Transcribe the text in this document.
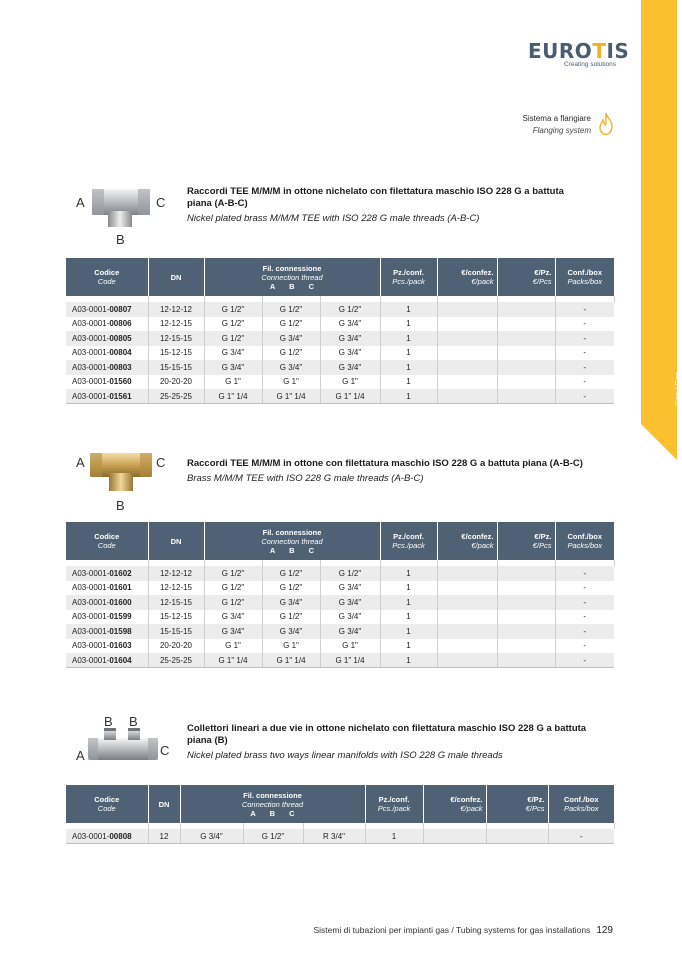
Gas / Gas
EUROTIS
Creating solutions
Sistema a flangiare
Flanging system
A	C
B
Raccordi TEE M/M/M in ottone nichelato con filettatura maschio ISO 228 G a battuta piana (A-B-C)
Nickel plated brass M/M/M TEE with ISO 228 G male threads (A-B-C)
Codice
Code	DN	Fil. connessione
Connection thread
A B C			Pz./conf.
Pcs./pack	€/confez.
€/pack	€/Pz.
€/Pcs	Conf./box
Packs/box

A03-0001-00807	12-12-12	G 1/2"	G 1/2"	G 1/2"	1			-
A03-0001-00806	12-12-15	G 1/2"	G 1/2"	G 3/4"	1			-
A03-0001-00805	12-15-15	G 1/2"	G 3/4"	G 3/4"	1			-
A03-0001-00804	15-12-15	G 3/4"	G 1/2"	G 3/4"	1			-
A03-0001-00803	15-15-15	G 3/4"	G 3/4"	G 3/4"	1			-
A03-0001-01560	20-20-20	G 1"	G 1"	G 1"	1			-
A03-0001-01561	25-25-25	G 1" 1/4	G 1" 1/4	G 1" 1/4	1			-
A	C
B
Raccordi TEE M/M/M in ottone con filettatura maschio ISO 228 G a battuta piana (A-B-C)
Brass M/M/M TEE with ISO 228 G male threads (A-B-C)
Codice
Code	DN	Fil. connessione
Connection thread
A B C			Pz./conf.
Pcs./pack	€/confez.
€/pack	€/Pz.
€/Pcs	Conf./box
Packs/box

A03-0001-01602	12-12-12	G 1/2"	G 1/2"	G 1/2"	1			-
A03-0001-01601	12-12-15	G 1/2"	G 1/2"	G 3/4"	1			-
A03-0001-01600	12-15-15	G 1/2"	G 3/4"	G 3/4"	1			-
A03-0001-01599	15-12-15	G 3/4"	G 1/2"	G 3/4"	1			-
A03-0001-01598	15-15-15	G 3/4"	G 3/4"	G 3/4"	1			-
A03-0001-01603	20-20-20	G 1"	G 1"	G 1"	1			-
A03-0001-01604	25-25-25	G 1" 1/4	G 1" 1/4	G 1" 1/4	1			-
B B
A	C
Collettori lineari a due vie in ottone nichelato con filettatura maschio ISO 228 G a battuta piana (B)
Nickel plated brass two ways linear manifolds with ISO 228 G male threads
Codice
Code	DN	Fil. connessione
Connection thread
A B C			Pz./conf.
Pcs./pack	€/confez.
€/pack	€/Pz.
€/Pcs	Conf./box
Packs/box

A03-0001-00808	12	G 3/4"	G 1/2"	R 3/4"	1			-
Sistemi di tubazioni per impianti gas / Tubing systems for gas installations 129
